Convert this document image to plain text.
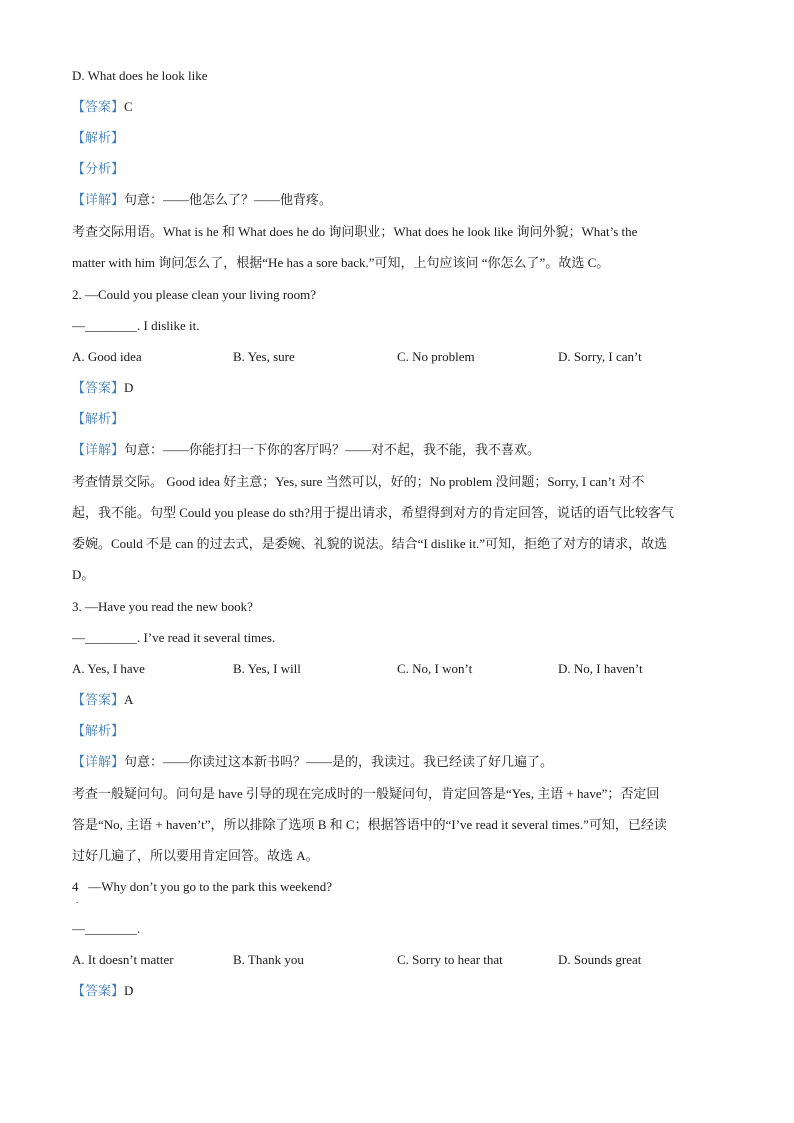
D. What does he look like
【答案】C
【解析】
【分析】
【详解】句意：——他怎么了？——他背疼。
考查交际用语。What is he 和 What does he do 询问职业；What does he look like 询问外貌；What’s the
matter with him 询问怎么了，根据“He has a sore back.”可知，上句应该问 “你怎么了”。故选 C。
2. —Could you please clean your living room?
—________. I dislike it.
A. Good idea	B. Yes, sure	C. No problem	D. Sorry, I can’t
【答案】D
【解析】
【详解】句意：——你能打扫一下你的客厅吗？——对不起，我不能，我不喜欢。
考查情景交际。 Good idea 好主意；Yes, sure 当然可以，好的；No problem 没问题；Sorry, I can’t 对不
起，我不能。句型 Could you please do sth?用于提出请求，希望得到对方的肯定回答，说话的语气比较客气
委婉。Could 不是 can 的过去式，是委婉、礼貌的说法。结合“I dislike it.”可知，拒绝了对方的请求，故选
D。
3. —Have you read the new book?
—________. I’ve read it several times.
A. Yes, I have	B. Yes, I will	C. No, I won’t	D. No, I haven’t
【答案】A
【解析】
【详解】句意：——你读过这本新书吗？——是的，我读过。我已经读了好几遍了。
考查一般疑问句。问句是 have 引导的现在完成时的一般疑问句，肯定回答是“Yes, 主语 + have”；否定回
答是“No, 主语 + haven’t”，所以排除了选项 B 和 C；根据答语中的“I’ve read it several times.”可知，已经读
过好几遍了，所以要用肯定回答。故选 A。
4 —Why don’t you go to the park this weekend?
.
—________.
A. It doesn’t matter	B. Thank you	C. Sorry to hear that	D. Sounds great
【答案】D
